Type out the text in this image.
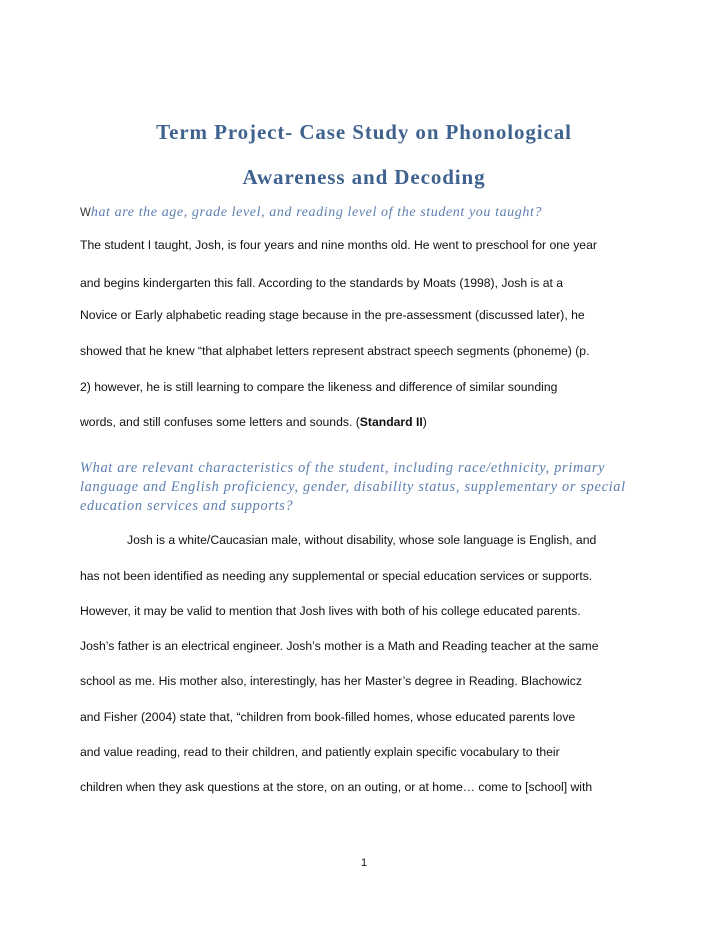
Term Project- Case Study on Phonological
Awareness and Decoding

What are the age, grade level, and reading level of the student you taught?

The student I taught, Josh, is four years and nine months old. He went to preschool for one year

and begins kindergarten this fall. According to the standards by Moats (1998), Josh is at a

Novice or Early alphabetic reading stage because in the pre-assessment (discussed later), he

showed that he knew “that alphabet letters represent abstract speech segments (phoneme) (p.

2) however, he is still learning to compare the likeness and difference of similar sounding

words, and still confuses some letters and sounds. (Standard II)

What are relevant characteristics of the student, including race/ethnicity, primary

language and English proficiency, gender, disability status, supplementary or special

education services and supports?

Josh is a white/Caucasian male, without disability, whose sole language is English, and

has not been identified as needing any supplemental or special education services or supports.

However, it may be valid to mention that Josh lives with both of his college educated parents.

Josh’s father is an electrical engineer. Josh’s mother is a Math and Reading teacher at the same

school as me. His mother also, interestingly, has her Master’s degree in Reading. Blachowicz

and Fisher (2004) state that, “children from book-filled homes, whose educated parents love

and value reading, read to their children, and patiently explain specific vocabulary to their

children when they ask questions at the store, on an outing, or at home… come to [school] with

1
